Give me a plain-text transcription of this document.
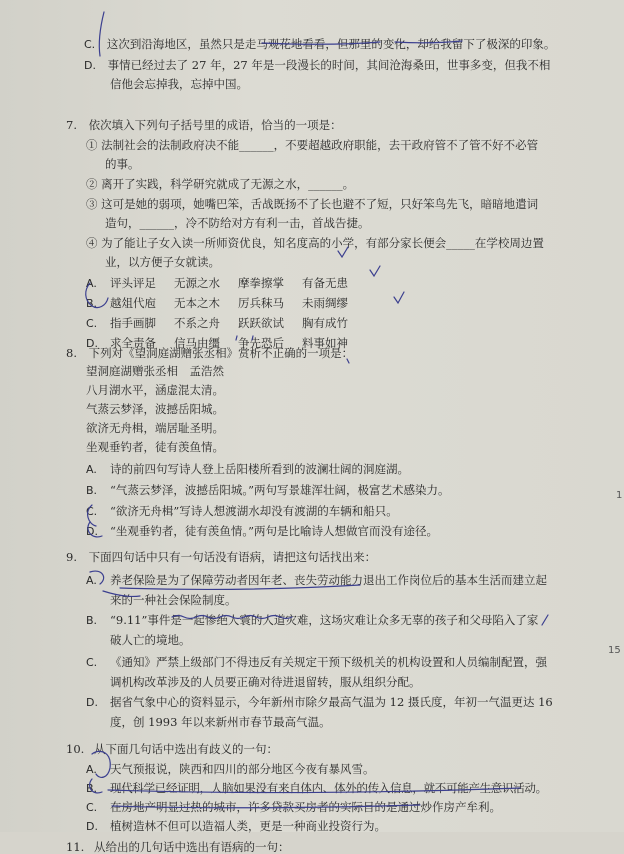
C. 这次到沿海地区，虽然只是走马观花地看看，但那里的变化，却给我留下了极深的印象。
D. 事情已经过去了 27 年，27 年是一段漫长的时间，其间沧海桑田，世事多变，但我不相
信他会忘掉我，忘掉中国。
7. 依次填入下列句子括号里的成语，恰当的一项是：
① 法制社会的法制政府决不能______，不要超越政府职能，去干政府管不了管不好不必管
的事。
② 离开了实践，科学研究就成了无源之水，______。
③ 这可是她的弱项，她嘴巴笨，舌战既扬不了长也避不了短，只好笨鸟先飞，暗暗地遣词
造句，______，冷不防给对方有利一击，首战告捷。
④ 为了能让子女入读一所师资优良，知名度高的小学，有部分家长便会_____在学校周边置
业，以方便子女就读。
A. 评头评足 无源之水 摩拳擦掌 有备无患
B. 越俎代庖 无本之木 厉兵秣马 未雨绸缪
C. 指手画脚 不系之舟 跃跃欲试 胸有成竹
D. 求全责备 信马由缰 争先恐后 料事如神
8. 下列对《望洞庭湖赠张丞相》赏析不正确的一项是：
望洞庭湖赠张丞相　孟浩然
八月湖水平，涵虚混太清。
气蒸云梦泽，波撼岳阳城。
欲济无舟楫，端居耻圣明。
坐观垂钓者，徒有羡鱼情。
A. 诗的前四句写诗人登上岳阳楼所看到的波澜壮阔的洞庭湖。
B. “气蒸云梦泽，波撼岳阳城。”两句写景雄浑壮阔，极富艺术感染力。
C. “欲济无舟楫”写诗人想渡湖水却没有渡湖的车辆和船只。
D. “坐观垂钓者，徒有羡鱼情。”两句是比喻诗人想做官而没有途径。
9. 下面四句话中只有一句话没有语病，请把这句话找出来：
A. 养老保险是为了保障劳动者因年老、丧失劳动能力退出工作岗位后的基本生活而建立起
来的一种社会保险制度。
B. “9.11”事件是一起惨绝人寰的人道灾难，这场灾难让众多无辜的孩子和父母陷入了家
破人亡的境地。
C. 《通知》严禁上级部门不得违反有关规定干预下级机关的机构设置和人员编制配置，强
调机构改革涉及的人员要正确对待进退留转，服从组织分配。
D. 据省气象中心的资料显示，今年新州市除夕最高气温为 12 摄氏度，年初一气温更达 16
度，创 1993 年以来新州市春节最高气温。
10. 从下面几句话中选出有歧义的一句：
A. 天气预报说，陕西和四川的部分地区今夜有暴风雪。
B. 现代科学已经证明，人脑如果没有来自体内、体外的传入信息，就不可能产生意识活动。
C. 在房地产明显过热的城市，许多贷款买房者的实际目的是通过炒作房产牟利。
D. 植树造林不但可以造福人类，更是一种商业投资行为。
11. 从给出的几句话中选出有语病的一句：
1
15
